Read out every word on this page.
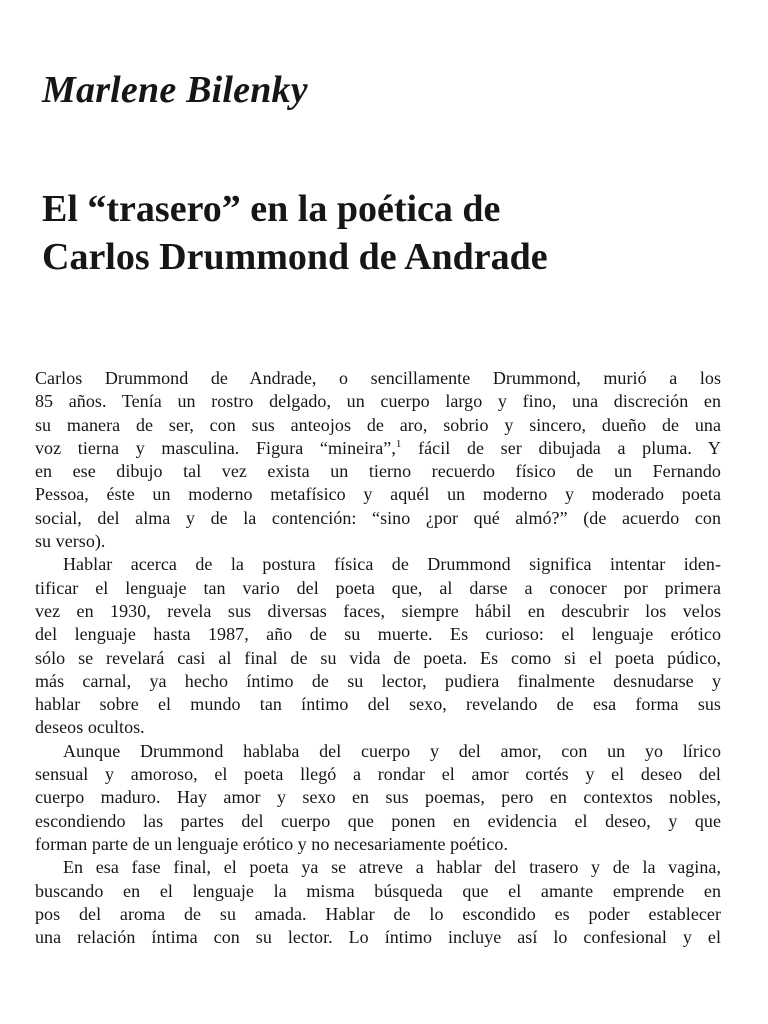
Marlene Bilenky
El “trasero” en la poética de
Carlos Drummond de Andrade
Carlos Drummond de Andrade, o sencillamente Drummond, murió a los
85 años. Tenía un rostro delgado, un cuerpo largo y fino, una discreción en
su manera de ser, con sus anteojos de aro, sobrio y sincero, dueño de una
voz tierna y masculina. Figura “mineira”,$^1$ fácil de ser dibujada a pluma. Y
en ese dibujo tal vez exista un tierno recuerdo físico de un Fernando
Pessoa, éste un moderno metafísico y aquél un moderno y moderado poeta
social, del alma y de la contención: “sino ¿por qué almó?” (de acuerdo con
su verso).
Hablar acerca de la postura física de Drummond significa intentar iden-
tificar el lenguaje tan vario del poeta que, al darse a conocer por primera
vez en 1930, revela sus diversas faces, siempre hábil en descubrir los velos
del lenguaje hasta 1987, año de su muerte. Es curioso: el lenguaje erótico
sólo se revelará casi al final de su vida de poeta. Es como si el poeta púdico,
más carnal, ya hecho íntimo de su lector, pudiera finalmente desnudarse y
hablar sobre el mundo tan íntimo del sexo, revelando de esa forma sus
deseos ocultos.
Aunque Drummond hablaba del cuerpo y del amor, con un yo lírico
sensual y amoroso, el poeta llegó a rondar el amor cortés y el deseo del
cuerpo maduro. Hay amor y sexo en sus poemas, pero en contextos nobles,
escondiendo las partes del cuerpo que ponen en evidencia el deseo, y que
forman parte de un lenguaje erótico y no necesariamente poético.
En esa fase final, el poeta ya se atreve a hablar del trasero y de la vagina,
buscando en el lenguaje la misma búsqueda que el amante emprende en
pos del aroma de su amada. Hablar de lo escondido es poder establecer
una relación íntima con su lector. Lo íntimo incluye así lo confesional y el
